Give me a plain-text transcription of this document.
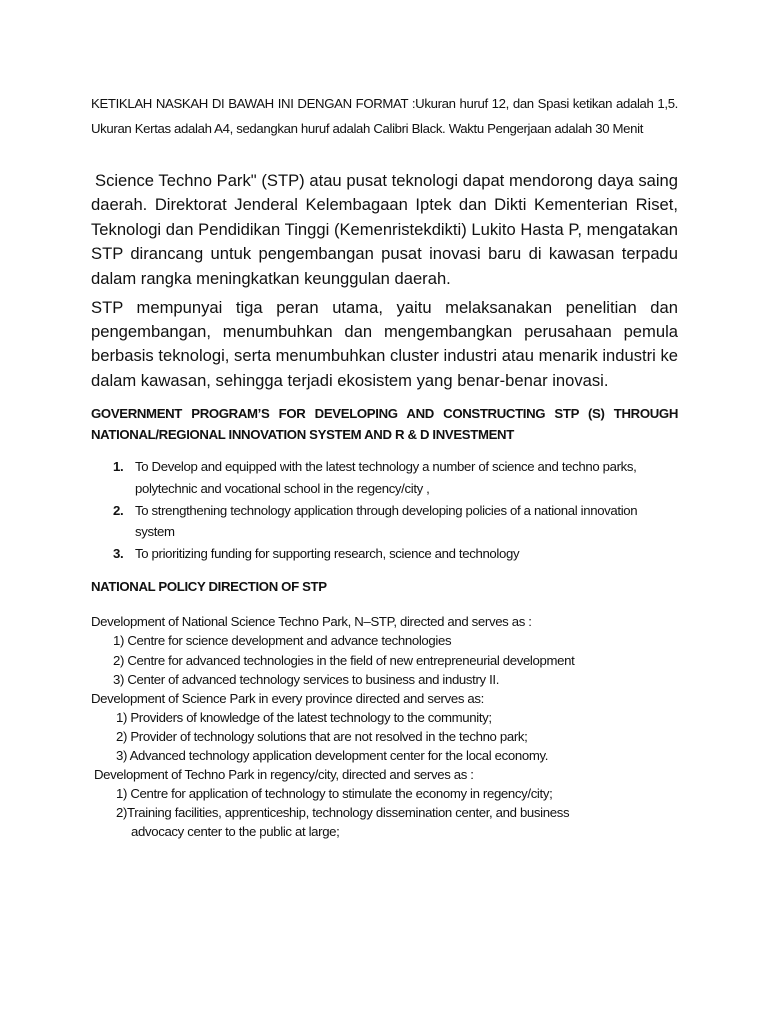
KETIKLAH NASKAH DI BAWAH INI DENGAN FORMAT :Ukuran huruf 12, dan Spasi ketikan adalah 1,5. Ukuran Kertas adalah A4, sedangkan huruf adalah Calibri Black. Waktu Pengerjaan adalah 30 Menit
Science Techno Park" (STP) atau pusat teknologi dapat mendorong daya saing daerah. Direktorat Jenderal Kelembagaan Iptek dan Dikti Kementerian Riset, Teknologi dan Pendidikan Tinggi (Kemenristekdikti) Lukito Hasta P, mengatakan STP dirancang untuk pengembangan pusat inovasi baru di kawasan terpadu dalam rangka meningkatkan keunggulan daerah.
STP mempunyai tiga peran utama, yaitu melaksanakan penelitian dan pengembangan, menumbuhkan dan mengembangkan perusahaan pemula berbasis teknologi, serta menumbuhkan cluster industri atau menarik industri ke dalam kawasan, sehingga terjadi ekosistem yang benar-benar inovasi.
GOVERNMENT PROGRAM’S FOR DEVELOPING AND CONSTRUCTING STP (S) THROUGH NATIONAL/REGIONAL INNOVATION SYSTEM AND R & D INVESTMENT
1. To Develop and equipped with the latest technology a number of science and techno parks, polytechnic and vocational school in the regency/city ,
2. To strengthening technology application through developing policies of a national innovation system
3. To prioritizing funding for supporting research, science and technology
NATIONAL POLICY DIRECTION OF STP
Development of National Science Techno Park, N–STP, directed and serves as :
1) Centre for science development and advance technologies
2) Centre for advanced technologies in the field of new entrepreneurial development
3) Center of advanced technology services to business and industry II.
Development of Science Park in every province directed and serves as:
1) Providers of knowledge of the latest technology to the community;
2) Provider of technology solutions that are not resolved in the techno park;
3) Advanced technology application development center for the local economy.
Development of Techno Park in regency/city, directed and serves as :
1) Centre for application of technology to stimulate the economy in regency/city;
2)Training facilities, apprenticeship, technology dissemination center, and business
advocacy center to the public at large;
